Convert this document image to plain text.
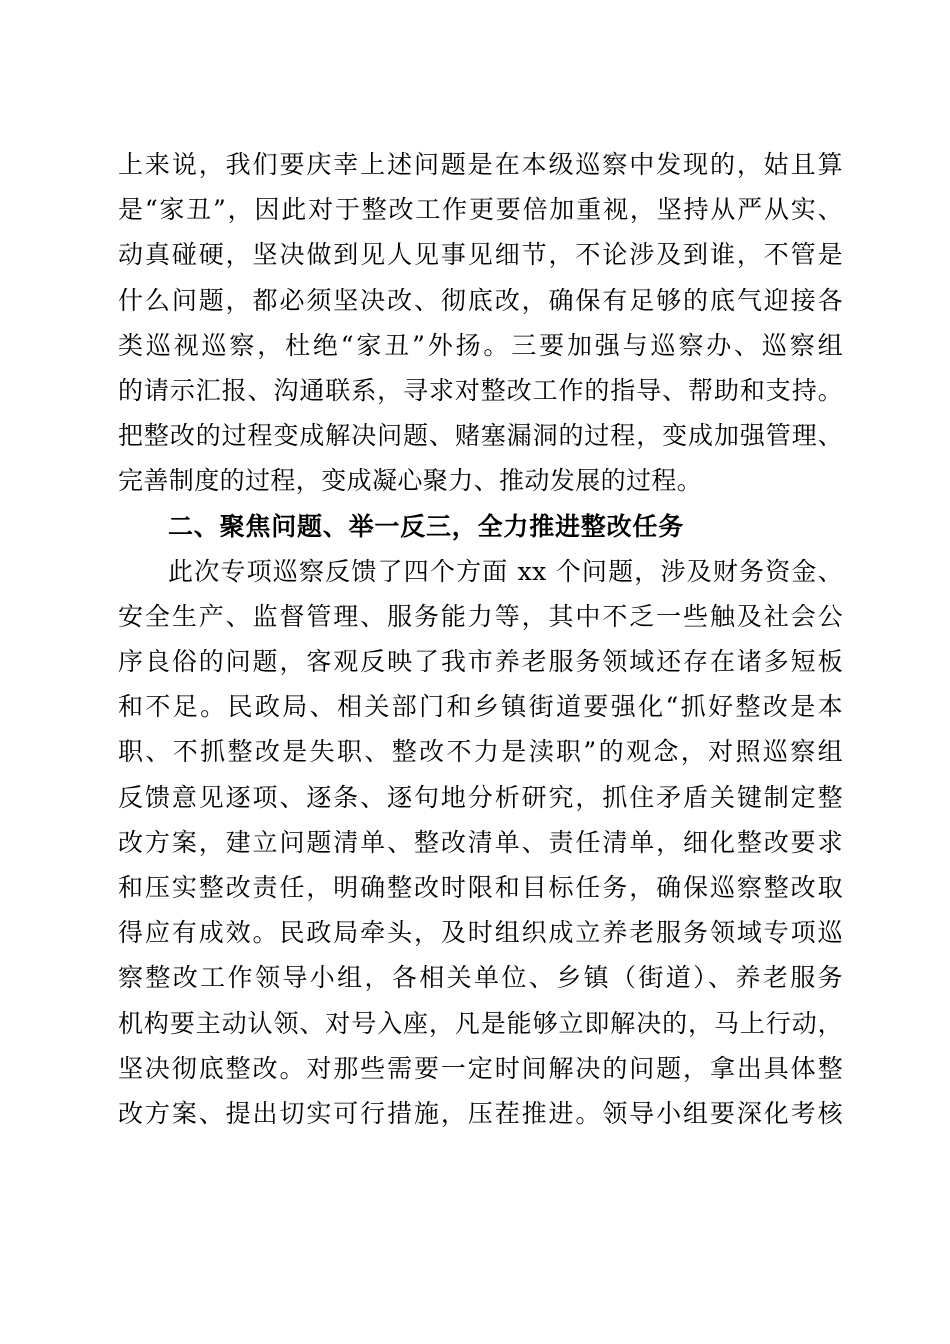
上来说，我们要庆幸上述问题是在本级巡察中发现的，姑且算
是“家丑”，因此对于整改工作更要倍加重视，坚持从严从实、
动真碰硬，坚决做到见人见事见细节，不论涉及到谁，不管是
什么问题，都必须坚决改、彻底改，确保有足够的底气迎接各
类巡视巡察，杜绝“家丑”外扬。三要加强与巡察办、巡察组
的请示汇报、沟通联系，寻求对整改工作的指导、帮助和支持。
把整改的过程变成解决问题、赌塞漏洞的过程，变成加强管理、
完善制度的过程，变成凝心聚力、推动发展的过程。
二、聚焦问题、举一反三，全力推进整改任务
此次专项巡察反馈了四个方面 xx 个问题，涉及财务资金、
安全生产、监督管理、服务能力等，其中不乏一些触及社会公
序良俗的问题，客观反映了我市养老服务领域还存在诸多短板
和不足。民政局、相关部门和乡镇街道要强化“抓好整改是本
职、不抓整改是失职、整改不力是渎职”的观念，对照巡察组
反馈意见逐项、逐条、逐句地分析研究，抓住矛盾关键制定整
改方案，建立问题清单、整改清单、责任清单，细化整改要求
和压实整改责任，明确整改时限和目标任务，确保巡察整改取
得应有成效。民政局牵头，及时组织成立养老服务领域专项巡
察整改工作领导小组，各相关单位、乡镇（街道）、养老服务
机构要主动认领、对号入座，凡是能够立即解决的，马上行动，
坚决彻底整改。对那些需要一定时间解决的问题，拿出具体整
改方案、提出切实可行措施，压茬推进。领导小组要深化考核
